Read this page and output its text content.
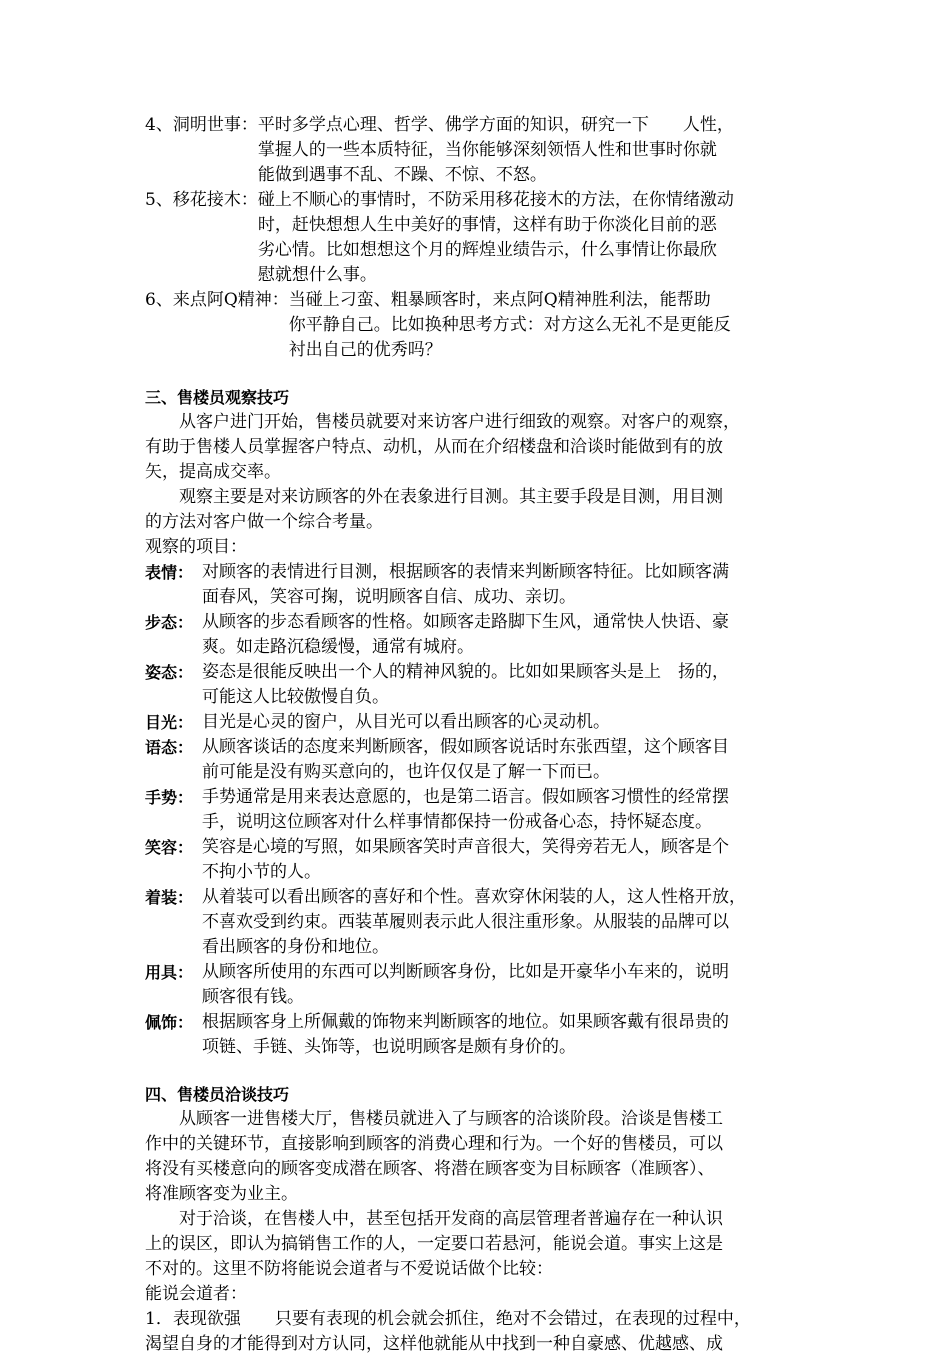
4、洞明世事： 平时多学点心理、哲学、佛学方面的知识，研究一下　　人性，
掌握人的一些本质特征，当你能够深刻领悟人性和世事时你就
能做到遇事不乱、不躁、不惊、不怒。
5、移花接木： 碰上不顺心的事情时，不防采用移花接木的方法，在你情绪激动
时，赶快想想人生中美好的事情，这样有助于你淡化目前的恶
劣心情。比如想想这个月的辉煌业绩告示，什么事情让你最欣
慰就想什么事。
6、来点阿Q精神： 当碰上刁蛮、粗暴顾客时，来点阿Q精神胜利法，能帮助
你平静自己。比如换种思考方式：对方这么无礼不是更能反
衬出自己的优秀吗？
三、售楼员观察技巧
从客户进门开始，售楼员就要对来访客户进行细致的观察。对客户的观察，
有助于售楼人员掌握客户特点、动机，从而在介绍楼盘和洽谈时能做到有的放
矢，提高成交率。
观察主要是对来访顾客的外在表象进行目测。其主要手段是目测，用目测
的方法对客户做一个综合考量。
观察的项目：
表情： 对顾客的表情进行目测，根据顾客的表情来判断顾客特征。比如顾客满
面春风，笑容可掬，说明顾客自信、成功、亲切。
步态： 从顾客的步态看顾客的性格。如顾客走路脚下生风，通常快人快语、豪
爽。如走路沉稳缓慢，通常有城府。
姿态： 姿态是很能反映出一个人的精神风貌的。比如如果顾客头是上　扬的，
可能这人比较傲慢自负。
目光： 目光是心灵的窗户，从目光可以看出顾客的心灵动机。
语态： 从顾客谈话的态度来判断顾客，假如顾客说话时东张西望，这个顾客目
前可能是没有购买意向的，也许仅仅是了解一下而已。
手势： 手势通常是用来表达意愿的，也是第二语言。假如顾客习惯性的经常摆
手，说明这位顾客对什么样事情都保持一份戒备心态，持怀疑态度。
笑容： 笑容是心境的写照，如果顾客笑时声音很大，笑得旁若无人，顾客是个
不拘小节的人。
着装： 从着装可以看出顾客的喜好和个性。喜欢穿休闲装的人，这人性格开放，
不喜欢受到约束。西装革履则表示此人很注重形象。从服装的品牌可以
看出顾客的身份和地位。
用具： 从顾客所使用的东西可以判断顾客身份，比如是开豪华小车来的，说明
顾客很有钱。
佩饰： 根据顾客身上所佩戴的饰物来判断顾客的地位。如果顾客戴有很昂贵的
项链、手链、头饰等，也说明顾客是颇有身价的。
四、售楼员洽谈技巧
从顾客一进售楼大厅，售楼员就进入了与顾客的洽谈阶段。洽谈是售楼工
作中的关键环节，直接影响到顾客的消费心理和行为。一个好的售楼员，可以
将没有买楼意向的顾客变成潜在顾客、将潜在顾客变为目标顾客（准顾客）、
将准顾客变为业主。
对于洽谈，在售楼人中，甚至包括开发商的高层管理者普遍存在一种认识
上的误区，即认为搞销售工作的人，一定要口若悬河，能说会道。事实上这是
不对的。这里不防将能说会道者与不爱说话做个比较：
能说会道者：
1．表现欲强　　只要有表现的机会就会抓住，绝对不会错过，在表现的过程中，
渴望自身的才能得到对方认同，这样他就能从中找到一种自豪感、优越感、成
